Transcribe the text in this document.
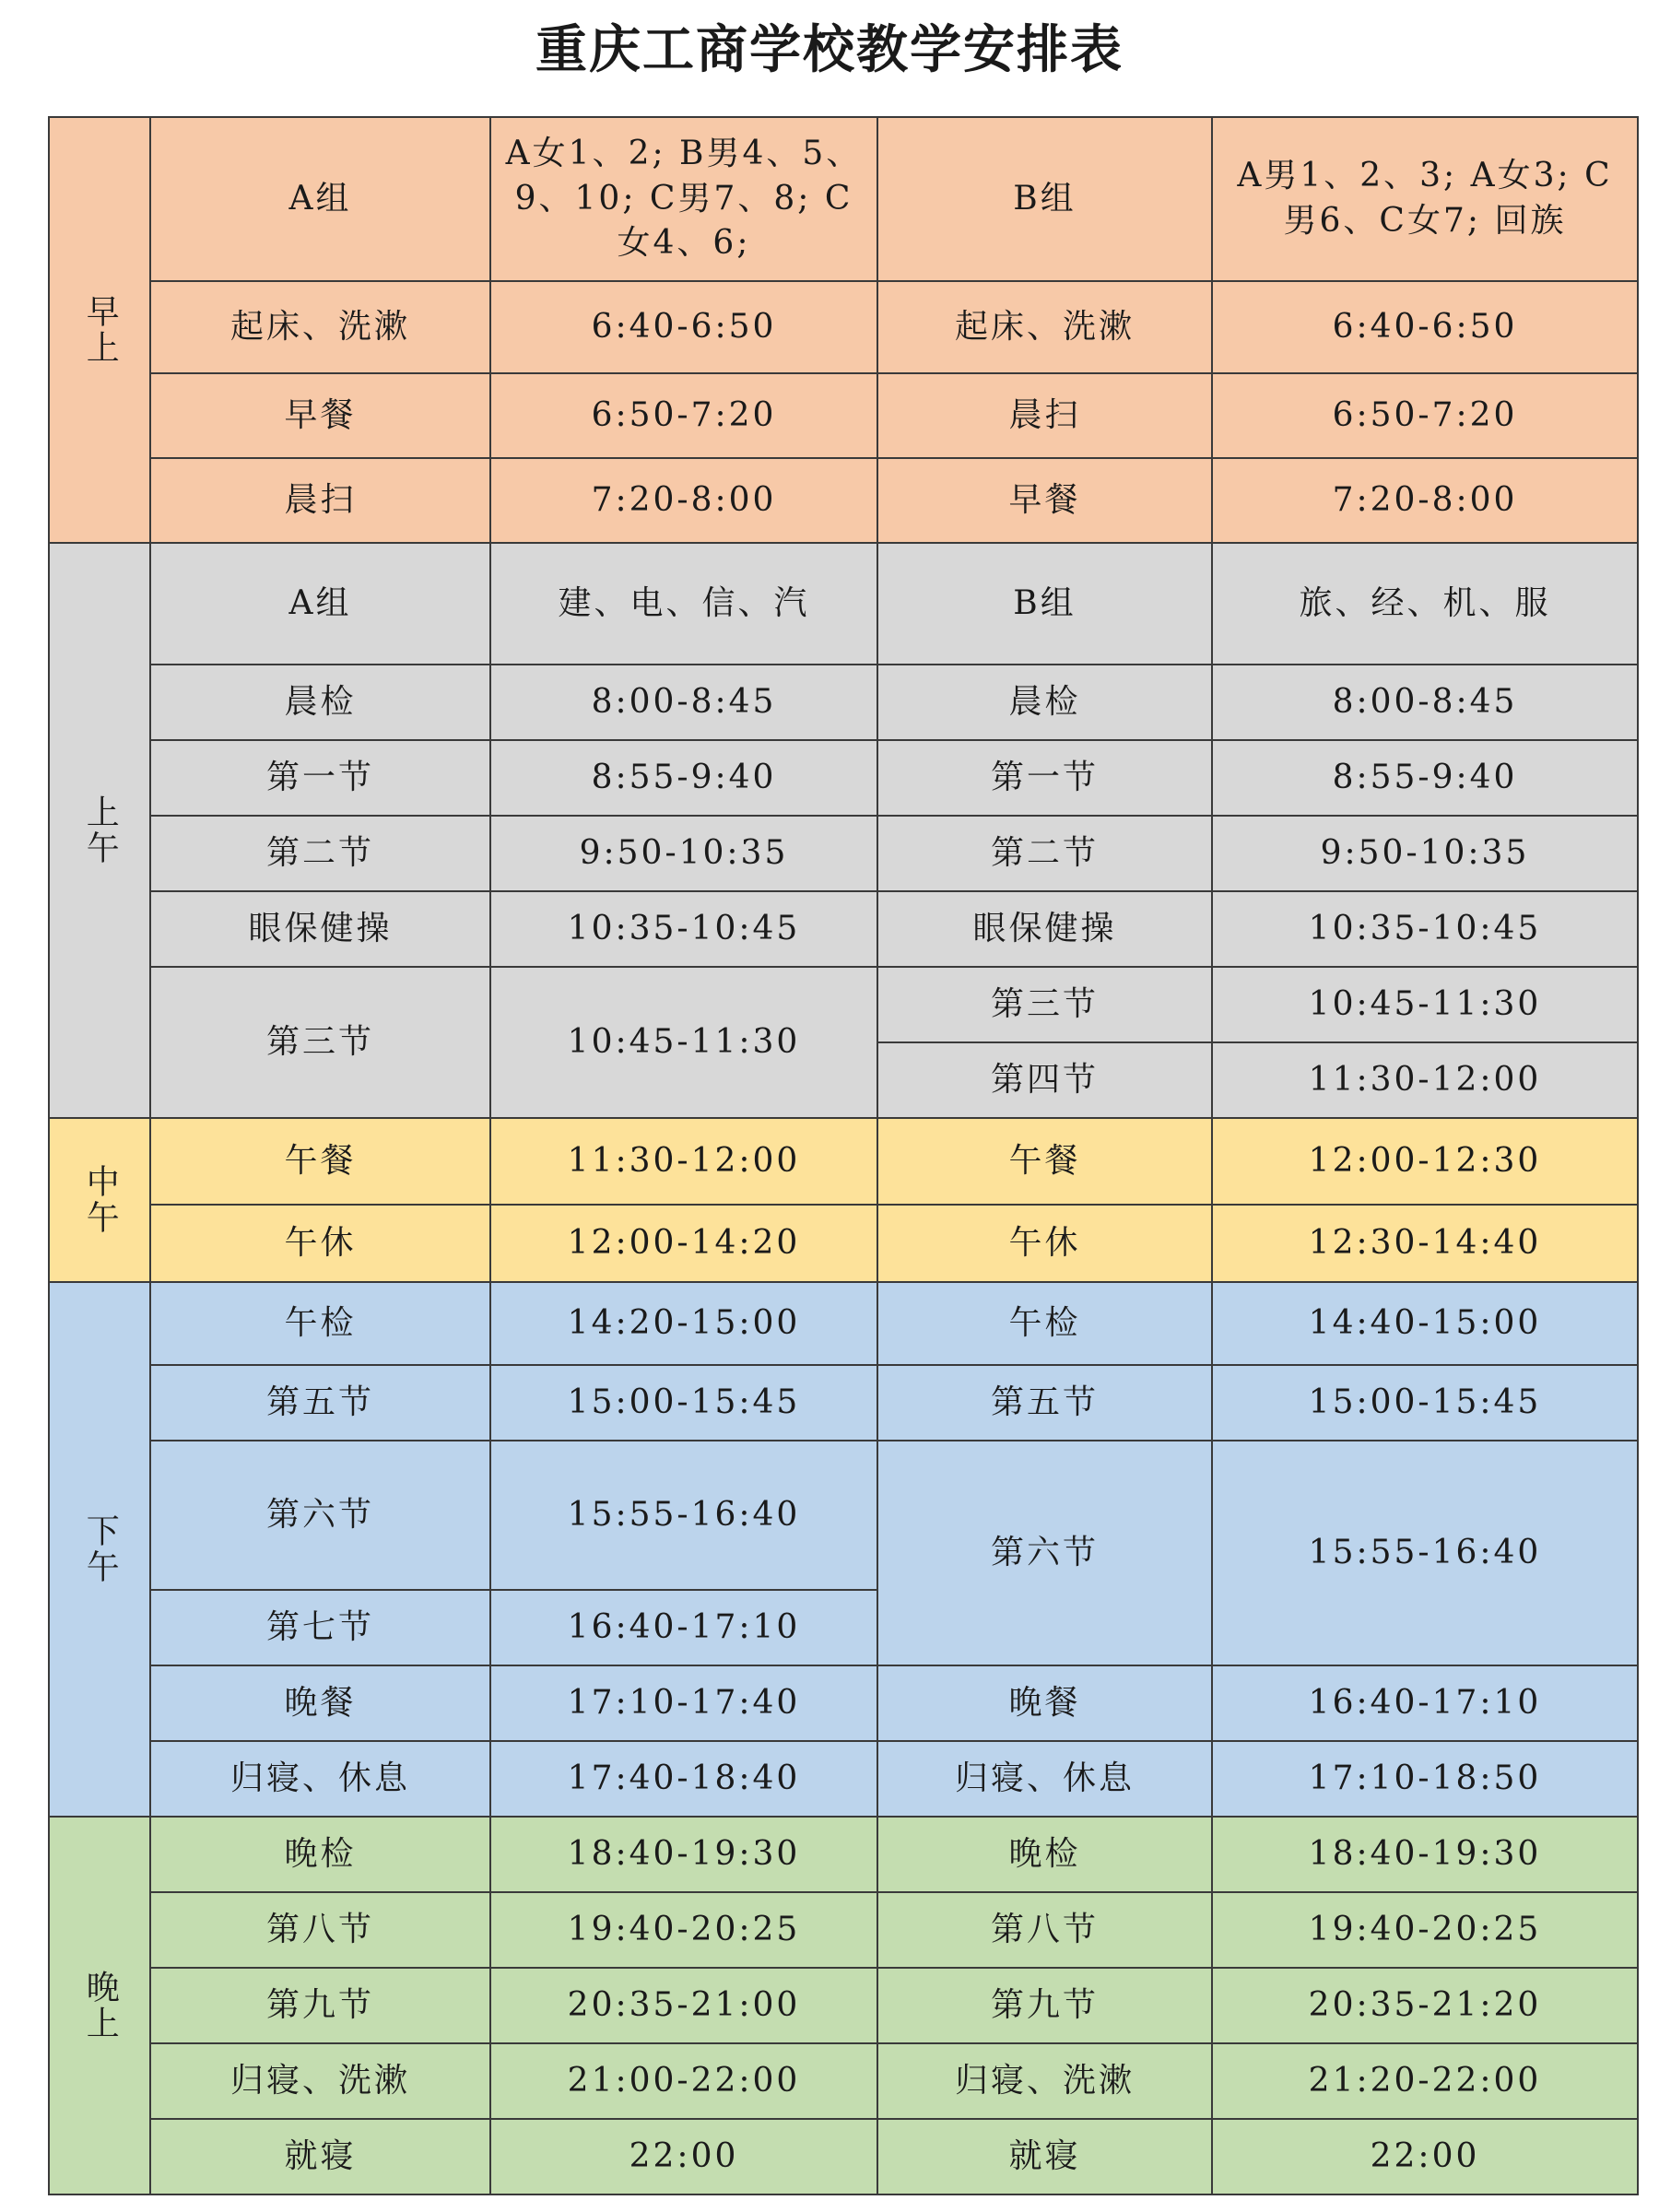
重庆工商学校教学安排表
早上	A组	A女1、2; B男4、5、9、10; C男7、8; C女4、6;	B组	A男1、2、3; A女3; C男6、C女7; 回族
	起床、洗漱	6:40-6:50	起床、洗漱	6:40-6:50
	早餐	6:50-7:20	晨扫	6:50-7:20
	晨扫	7:20-8:00	早餐	7:20-8:00
上午	A组	建、电、信、汽	B组	旅、经、机、服
	晨检	8:00-8:45	晨检	8:00-8:45
	第一节	8:55-9:40	第一节	8:55-9:40
	第二节	9:50-10:35	第二节	9:50-10:35
	眼保健操	10:35-10:45	眼保健操	10:35-10:45
	第三节	10:45-11:30	第三节	10:45-11:30
			第四节	11:30-12:00
中午	午餐	11:30-12:00	午餐	12:00-12:30
	午休	12:00-14:20	午休	12:30-14:40
下午	午检	14:20-15:00	午检	14:40-15:00
	第五节	15:00-15:45	第五节	15:00-15:45
	第六节	15:55-16:40	第六节	15:55-16:40
	第七节	16:40-17:10		
	晚餐	17:10-17:40	晚餐	16:40-17:10
	归寝、休息	17:40-18:40	归寝、休息	17:10-18:50
晚上	晚检	18:40-19:30	晚检	18:40-19:30
	第八节	19:40-20:25	第八节	19:40-20:25
	第九节	20:35-21:00	第九节	20:35-21:20
	归寝、洗漱	21:00-22:00	归寝、洗漱	21:20-22:00
	就寝	22:00	就寝	22:00
